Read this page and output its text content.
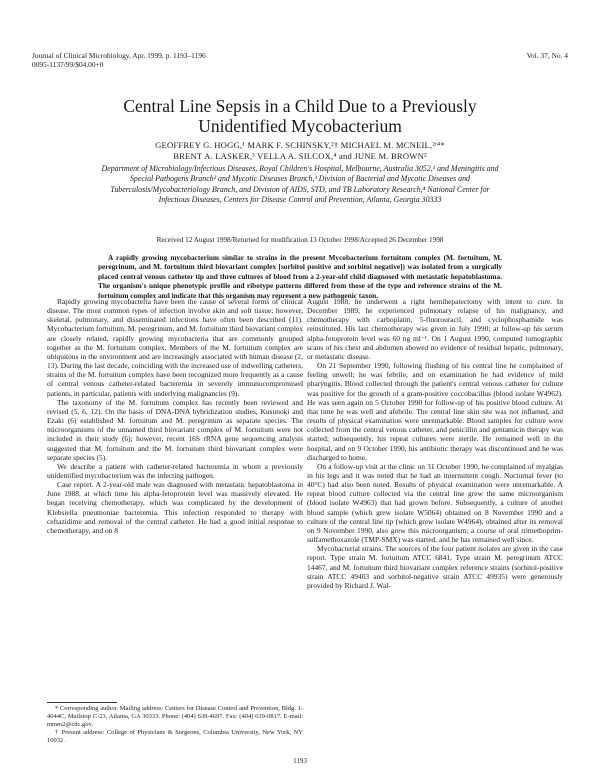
Journal of Clinical Microbiology, Apr. 1999, p. 1193–1196
0095-1137/99/$04.00+0
Vol. 37, No. 4
Central Line Sepsis in a Child Due to a Previously
Unidentified Mycobacterium
GEOFFREY G. HOGG,¹ MARK F. SCHINSKY,²† MICHAEL M. MCNEIL,²ʳ⁴*
BRENT A. LASKER,³ VELLA A. SILCOX,⁴ and JUNE M. BROWN²
Department of Microbiology/Infectious Diseases, Royal Children's Hospital, Melbourne, Australia 3052,¹ and Meningitis and Special Pathogens Branch² and Mycotic Diseases Branch,³ Division of Bacterial and Mycotic Diseases and Tuberculosis/Mycobacteriology Branch, and Division of AIDS, STD, and TB Laboratory Research,⁴ National Center for Infectious Diseases, Centers for Disease Control and Prevention, Atlanta, Georgia 30333
Received 12 August 1998/Returned for modification 13 October 1998/Accepted 26 December 1998
A rapidly growing mycobacterium similar to strains in the present Mycobacterium fortuitum complex (M. fortuitum, M. peregrinum, and M. fortuitum third biovariant complex [sorbitol positive and sorbitol negative]) was isolated from a surgically placed central venous catheter tip and three cultures of blood from a 2-year-old child diagnosed with metastatic hepatoblastoma. The organism's unique phenotypic profile and ribotype patterns differed from those of the type and reference strains of the M. fortuitum complex and indicate that this organism may represent a new pathogenic taxon.

Rapidly growing mycobacteria have been the cause of several forms of clinical disease. The most common types of infection involve skin and soft tissue; however, skeletal, pulmonary, and disseminated infections have often been described (11). Mycobacterium fortuitum, M. peregrinum, and M. fortuitum third biovariant complex are closely related, rapidly growing mycobacteria that are commonly grouped together as the M. fortuitum complex. Members of the M. fortuitum complex are ubiquitous in the environment and are increasingly associated with human disease (2, 13). During the last decade, coinciding with the increased use of indwelling catheters, strains of the M. fortuitum complex have been recognized more frequently as a cause of central venous catheter-related bacteremia in severely immunocompromised patients, in particular, patients with underlying malignancies (9).

The taxonomy of the M. fortuitum complex has recently been reviewed and revised (5, 6, 12). On the basis of DNA-DNA hybridization studies, Kusunoki and Ezaki (6) established M. fortuitum and M. peregrinum as separate species. The microorganisms of the unnamed third biovariant complex of M. fortuitum were not included in their study (6); however, recent 16S rRNA gene sequencing analysis suggested that M. fortuitum and the M. fortuitum third biovariant complex were separate species (5).

We describe a patient with catheter-related bacteremia in whom a previously unidentified mycobacterium was the infecting pathogen.

Case report. A 2-year-old male was diagnosed with metastatic hepatoblastoma in June 1988, at which time his alpha-fetoprotein level was massively elevated. He began receiving chemotherapy, which was complicated by the development of Klebsiella pneumoniae bacteremia. This infection responded to therapy with ceftazidime and removal of the central catheter. He had a good initial response to chemotherapy, and on 8

August 1988, he underwent a right hemihepatectomy with intent to cure. In December 1989, he experienced pulmonary relapse of his malignancy, and chemotherapy with carboplatin, 5-fluorouracil, and cyclophosphamide was reinstituted. His last chemotherapy was given in July 1990; at follow-up his serum alpha-fetoprotein level was 60 ng ml⁻¹. On 1 August 1990, computed tomographic scans of his chest and abdomen showed no evidence of residual hepatic, pulmonary, or metastatic disease.

On 21 September 1990, following flushing of his central line he complained of feeling unwell; he was febrile, and on examination he had evidence of mild pharyngitis. Blood collected through the patient's central venous catheter for culture was positive for the growth of a gram-positive coccobacillus (blood isolate W4962). He was seen again on 5 October 1990 for follow-up of his positive blood culture. At that time he was well and afebrile. The central line skin site was not inflamed, and results of physical examination were unremarkable. Blood samples for culture were collected from the central venous catheter, and penicillin and gentamicin therapy was started; subsequently, his repeat cultures were sterile. He remained well in the hospital, and on 9 October 1990, his antibiotic therapy was discontinued and he was discharged to home.

On a follow-up visit at the clinic on 31 October 1990, he complained of myalgias in his legs and it was noted that he had an intermittent cough. Nocturnal fever (to 40°C) had also been noted. Results of physical examination were unremarkable. A repeat blood culture collected via the central line grew the same microorganism (blood isolate W4963) that had grown before. Subsequently, a culture of another blood sample (which grew isolate W5064) obtained on 8 November 1990 and a culture of the central line tip (which grew isolate W4964), obtained after its removal on 9 November 1990, also grew this microorganism; a course of oral trimethoprim-sulfamethoxazole (TMP-SMX) was started, and he has remained well since.

Mycobacterial strains. The sources of the four patient isolates are given in the case report. Type strain M. fortuitum ATCC 6841, Type strain M. peregrinum ATCC 14467, and M. fortuitum third biovariant complex reference strains (sorbitol-positive strain ATCC 49403 and sorbitol-negative strain ATCC 49935) were generously provided by Richard J. Wal-

* Corresponding author. Mailing address: Centers for Disease Control and Prevention, Bldg. 1-4044C, Mailstop C-23, Atlanta, GA 30333. Phone: (404) 639-4697. Fax: (404) 639-0817. E-mail: mmm2@cdc.gov.

† Present address: College of Physicians & Surgeons, Columbia University, New York, NY 10032.

1193
